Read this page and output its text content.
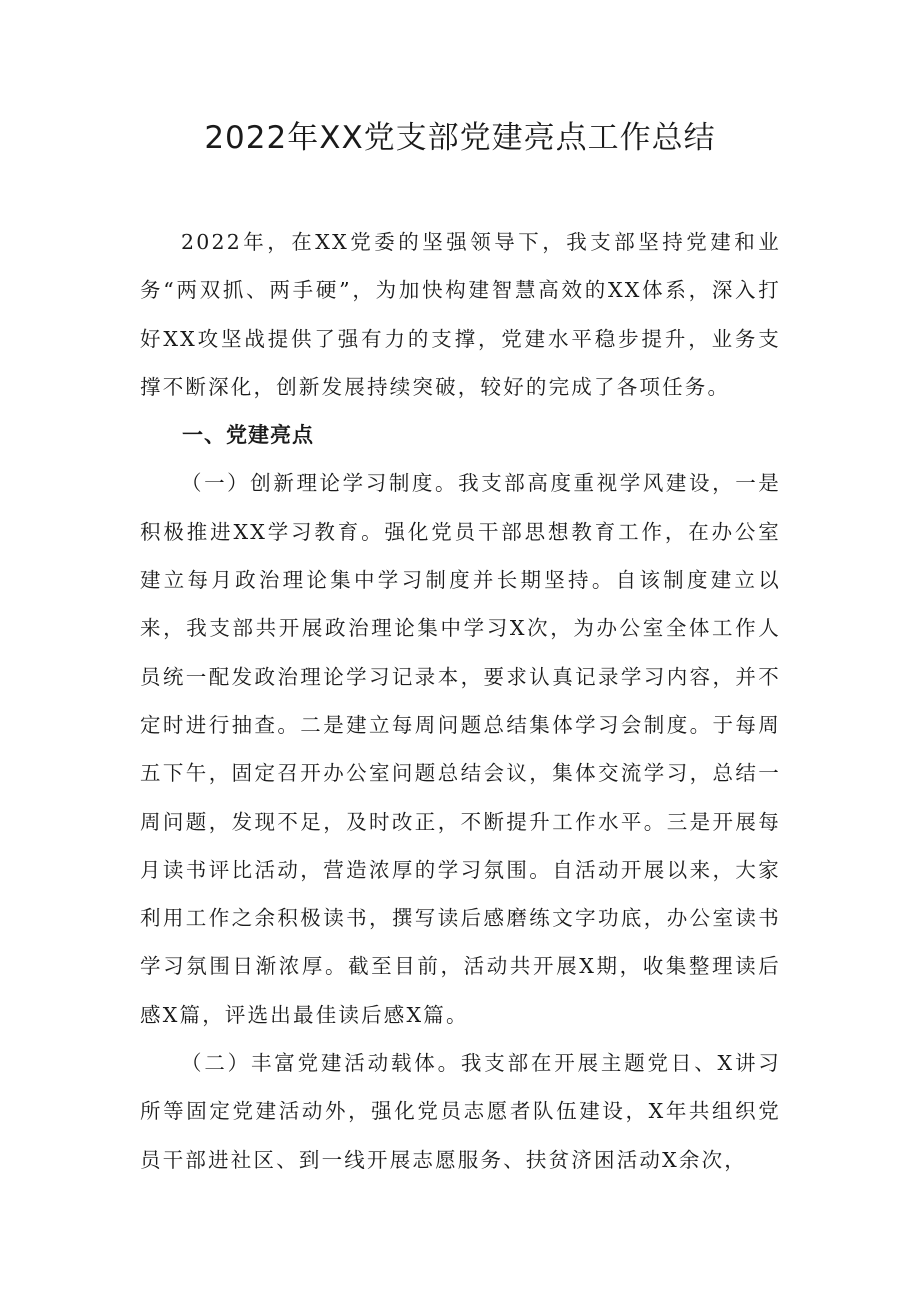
2022年XX党支部党建亮点工作总结

2022年，在XX党委的坚强领导下，我支部坚持党建和业务“两双抓、两手硬”，为加快构建智慧高效的XX体系，深入打好XX攻坚战提供了强有力的支撑，党建水平稳步提升，业务支撑不断深化，创新发展持续突破，较好的完成了各项任务。

一、党建亮点

（一）创新理论学习制度。我支部高度重视学风建设，一是积极推进XX学习教育。强化党员干部思想教育工作，在办公室建立每月政治理论集中学习制度并长期坚持。自该制度建立以来，我支部共开展政治理论集中学习X次，为办公室全体工作人员统一配发政治理论学习记录本，要求认真记录学习内容，并不定时进行抽查。二是建立每周问题总结集体学习会制度。于每周五下午，固定召开办公室问题总结会议，集体交流学习，总结一周问题，发现不足，及时改正，不断提升工作水平。三是开展每月读书评比活动，营造浓厚的学习氛围。自活动开展以来，大家利用工作之余积极读书，撰写读后感磨练文字功底，办公室读书学习氛围日渐浓厚。截至目前，活动共开展X期，收集整理读后感X篇，评选出最佳读后感X篇。

（二）丰富党建活动载体。我支部在开展主题党日、X讲习所等固定党建活动外，强化党员志愿者队伍建设，X年共组织党员干部进社区、到一线开展志愿服务、扶贫济困活动X余次，
